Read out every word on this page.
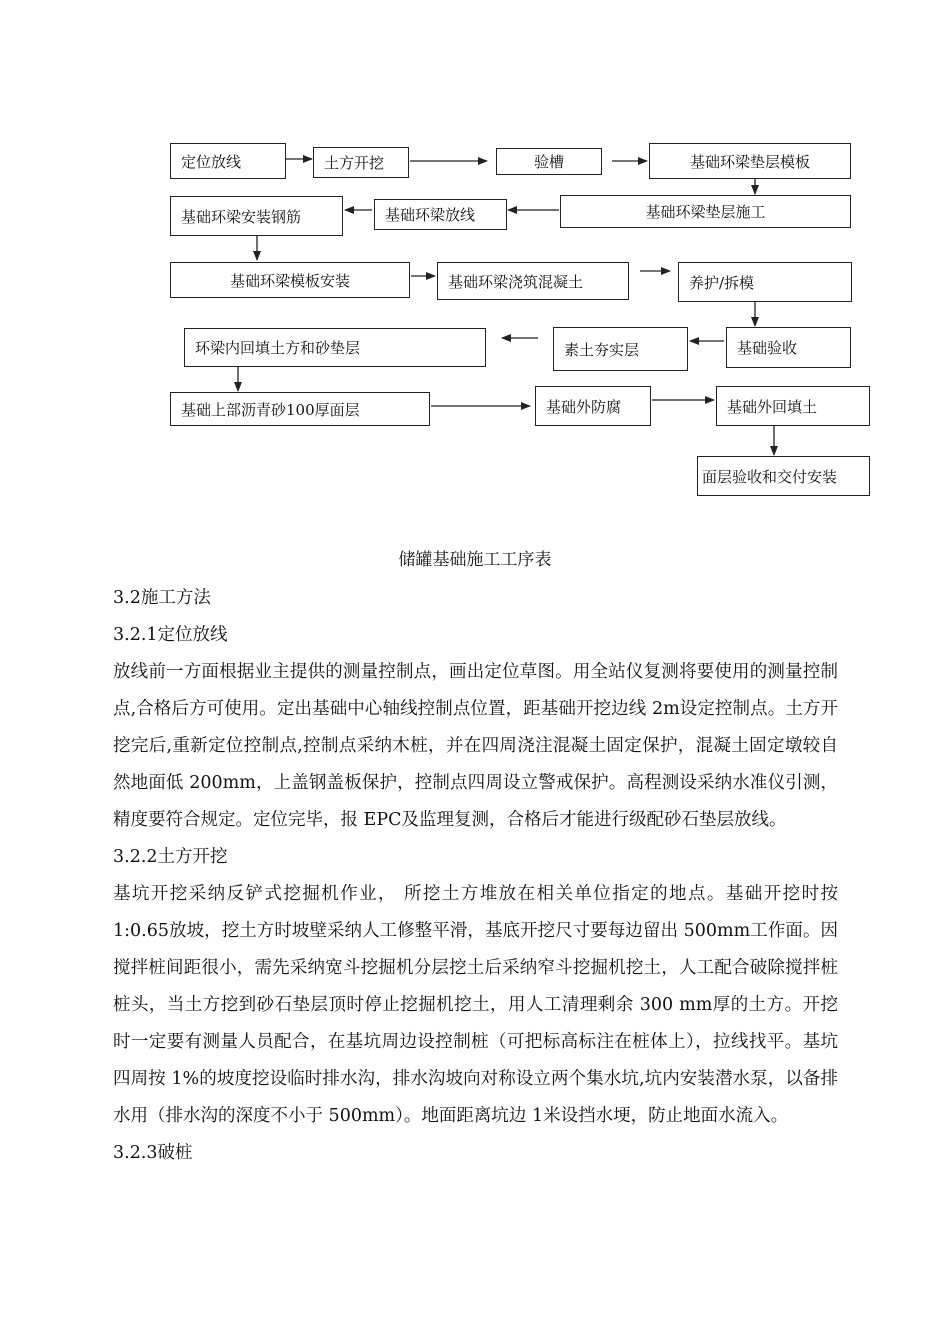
定位放线	土方开挖	验槽	基础环梁垫层模板
基础环梁安装钢筋	基础环梁放线	基础环梁垫层施工
基础环梁模板安装	基础环梁浇筑混凝土	养护/拆模
环梁内回填土方和砂垫层	素土夯实层	基础验收
基础上部沥青砂100厚面层	基础外防腐	基础外回填土
面层验收和交付安装
储罐基础施工工序表

3.2施工方法

3.2.1定位放线

放线前一方面根据业主提供的测量控制点，画出定位草图。用全站仪复测将要使用的测量控制点,合格后方可使用。定出基础中心轴线控制点位置，距基础开挖边线 2m设定控制点。土方开挖完后,重新定位控制点,控制点采纳木桩，并在四周浇注混凝土固定保护，混凝土固定墩较自然地面低 200mm，上盖钢盖板保护，控制点四周设立警戒保护。高程测设采纳水准仪引测，精度要符合规定。定位完毕，报 EPC及监理复测，合格后才能进行级配砂石垫层放线。

3.2.2土方开挖

基坑开挖采纳反铲式挖掘机作业， 所挖土方堆放在相关单位指定的地点。基础开挖时按 1:0.65放坡，挖土方时坡壁采纳人工修整平滑，基底开挖尺寸要每边留出 500mm工作面。因搅拌桩间距很小，需先采纳宽斗挖掘机分层挖土后采纳窄斗挖掘机挖土，人工配合破除搅拌桩桩头，当土方挖到砂石垫层顶时停止挖掘机挖土，用人工清理剩余 300 mm厚的土方。开挖时一定要有测量人员配合，在基坑周边设控制桩（可把标高标注在桩体上），拉线找平。基坑四周按 1%的坡度挖设临时排水沟，排水沟坡向对称设立两个集水坑,坑内安装潜水泵，以备排水用（排水沟的深度不小于 500mm）。地面距离坑边 1米设挡水埂，防止地面水流入。

3.2.3破桩
